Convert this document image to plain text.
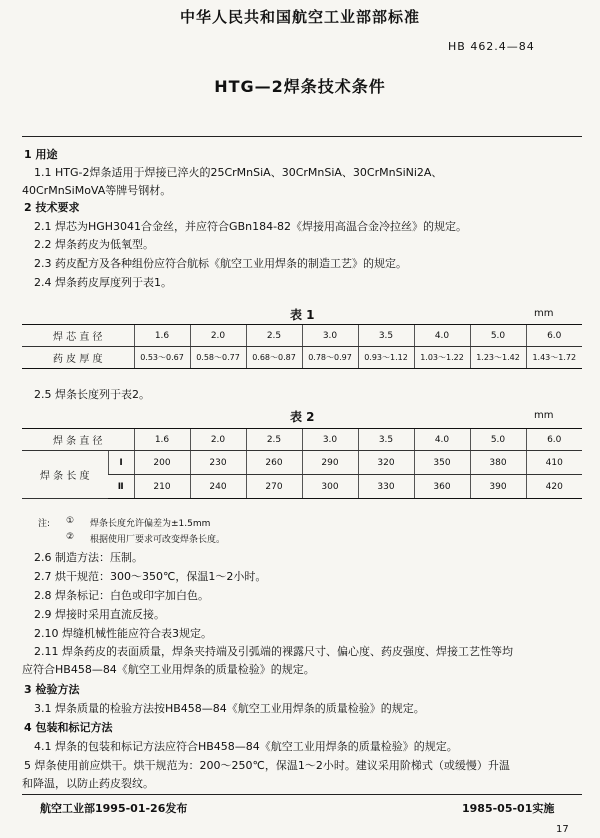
中华人民共和国航空工业部部标准
HB 462.4—84
HTG—2焊条技术条件
1 用途
1.1 HTG-2焊条适用于焊接已淬火的25CrMnSiA、30CrMnSiA、30CrMnSiNi2A、
40CrMnSiMoVA等牌号钢材。
2 技术要求
2.1 焊芯为HGH3041合金丝，并应符合GBn184-82《焊接用高温合金冷拉丝》的规定。
2.2 焊条药皮为低氧型。
2.3 药皮配方及各种组份应符合航标《航空工业用焊条的制造工艺》的规定。
2.4 焊条药皮厚度列于表1。
表 1	mm
焊 芯 直 径	1.6	2.0	2.5	3.0	3.5	4.0	5.0	6.0
药 皮 厚 度	0.53～0.67	0.58～0.77	0.68～0.87	0.78～0.97	0.93～1.12	1.03～1.22	1.23～1.42	1.43～1.72
2.5 焊条长度列于表2。
表 2	mm
焊 条 直 径		1.6	2.0	2.5	3.0	3.5	4.0	5.0	6.0
焊 条 长 度	Ⅰ	200	230	260	290	320	350	380	410
	Ⅱ	210	240	270	300	330	360	390	420
注: ① 焊条长度允许偏差为±1.5mm
② 根据使用厂要求可改变焊条长度。
2.6 制造方法：压制。
2.7 烘干规范：300～350℃，保温1～2小时。
2.8 焊条标记：白色或印字加白色。
2.9 焊接时采用直流反接。
2.10 焊缝机械性能应符合表3规定。
2.11 焊条药皮的表面质量，焊条夹持端及引弧端的裸露尺寸、偏心度、药皮强度、焊接工艺性等均
应符合HB458—84《航空工业用焊条的质量检验》的规定。
3 检验方法
3.1 焊条质量的检验方法按HB458—84《航空工业用焊条的质量检验》的规定。
4 包装和标记方法
4.1 焊条的包装和标记方法应符合HB458—84《航空工业用焊条的质量检验》的规定。
5 焊条使用前应烘干。烘干规范为：200～250℃，保温1～2小时。建议采用阶梯式（或缓慢）升温
和降温，以防止药皮裂纹。
航空工业部1995-01-26发布	1985-05-01实施
17
